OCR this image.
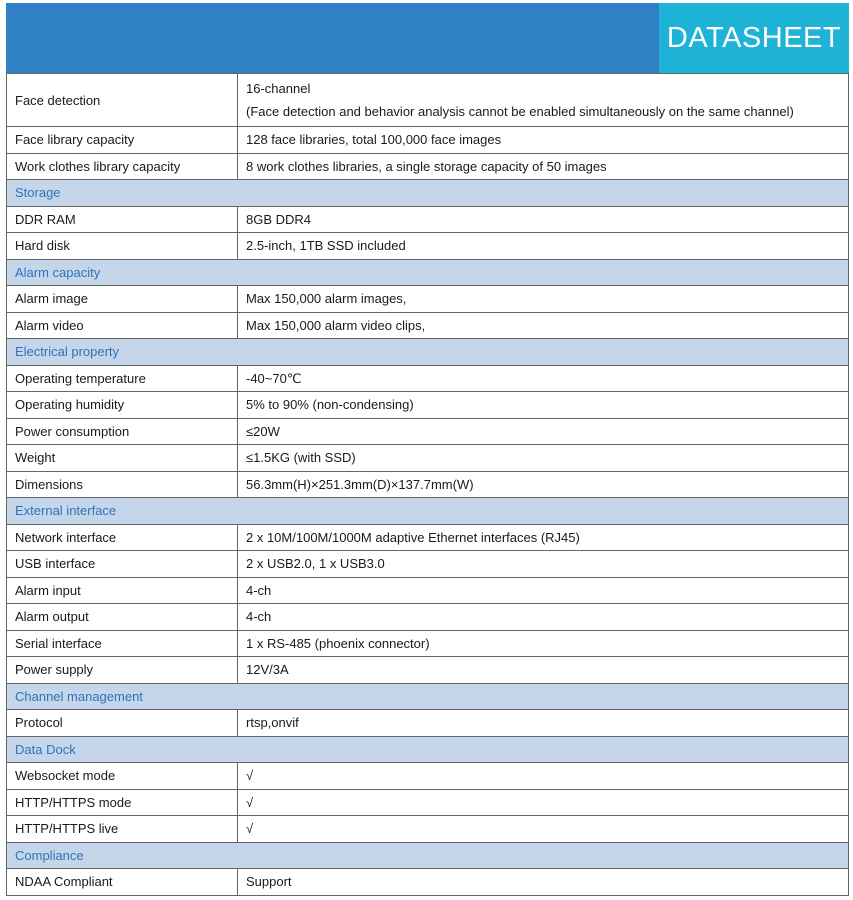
DATASHEET
Face detection	16-channel
(Face detection and behavior analysis cannot be enabled simultaneously on the same channel)

Face library capacity	128 face libraries, total 100,000 face images
Work clothes library capacity	8 work clothes libraries, a single storage capacity of 50 images
Storage	
DDR RAM	8GB DDR4
Hard disk	2.5-inch, 1TB SSD included
Alarm capacity	
Alarm image	Max 150,000 alarm images,
Alarm video	Max 150,000 alarm video clips,
Electrical property	
Operating temperature	-40~70℃
Operating humidity	5% to 90% (non-condensing)
Power consumption	≤20W
Weight	≤1.5KG (with SSD)
Dimensions	56.3mm(H)×251.3mm(D)×137.7mm(W)
External interface	
Network interface	2 x 10M/100M/1000M adaptive Ethernet interfaces (RJ45)
USB interface	2 x USB2.0, 1 x USB3.0
Alarm input	4-ch
Alarm output	4-ch
Serial interface	1 x RS-485 (phoenix connector)
Power supply	12V/3A
Channel management	
Protocol	rtsp,onvif
Data Dock	
Websocket mode	√
HTTP/HTTPS mode	√
HTTP/HTTPS live	√
Compliance	
NDAA Compliant	Support
